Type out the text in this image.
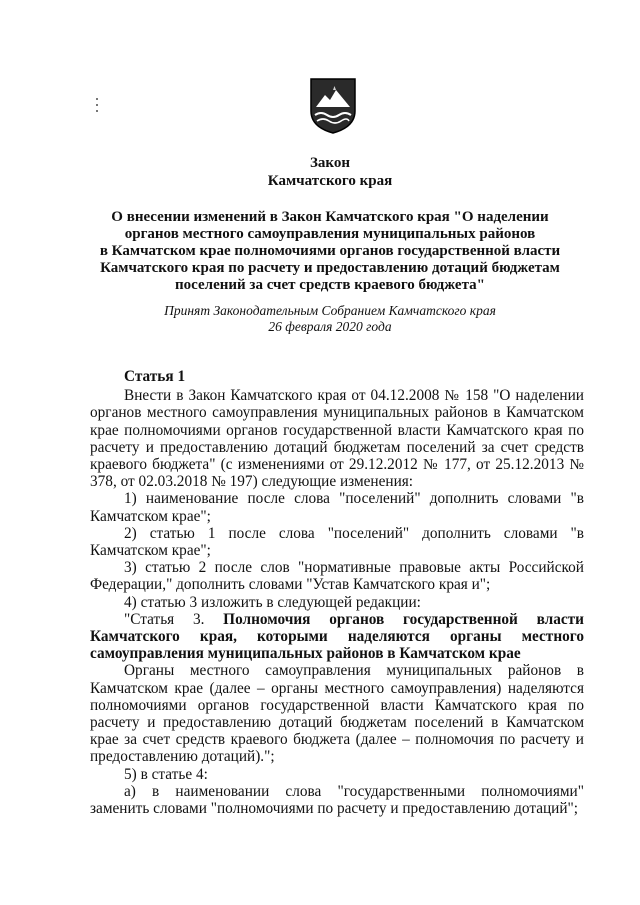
Закон
Камчатского края
О внесении изменений в Закон Камчатского края "О наделении
органов местного самоуправления муниципальных районов
в Камчатском крае полномочиями органов государственной власти
Камчатского края по расчету и предоставлению дотаций бюджетам
поселений за счет средств краевого бюджета"
Принят Законодательным Собранием Камчатского края
26 февраля 2020 года
Статья 1

Внести в Закон Камчатского края от 04.12.2008 № 158 "О наделении органов местного самоуправления муниципальных районов в Камчатском крае полномочиями органов государственной власти Камчатского края по расчету и предоставлению дотаций бюджетам поселений за счет средств краевого бюджета" (с изменениями от 29.12.2012 № 177, от 25.12.2013 № 378, от 02.03.2018 № 197) следующие изменения:

1) наименование после слова "поселений" дополнить словами "в Камчатском крае";

2) статью 1 после слова "поселений" дополнить словами "в Камчатском крае";

3) статью 2 после слов "нормативные правовые акты Российской Федерации," дополнить словами "Устав Камчатского края и";

4) статью 3 изложить в следующей редакции:

"Статья 3. Полномочия органов государственной власти Камчатского края, которыми наделяются органы местного самоуправления муниципальных районов в Камчатском крае

Органы местного самоуправления муниципальных районов в Камчатском крае (далее – органы местного самоуправления) наделяются полномочиями органов государственной власти Камчатского края по расчету и предоставлению дотаций бюджетам поселений в Камчатском крае за счет средств краевого бюджета (далее – полномочия по расчету и предоставлению дотаций).";

5) в статье 4:

а) в наименовании слова "государственными полномочиями" заменить словами "полномочиями по расчету и предоставлению дотаций";
